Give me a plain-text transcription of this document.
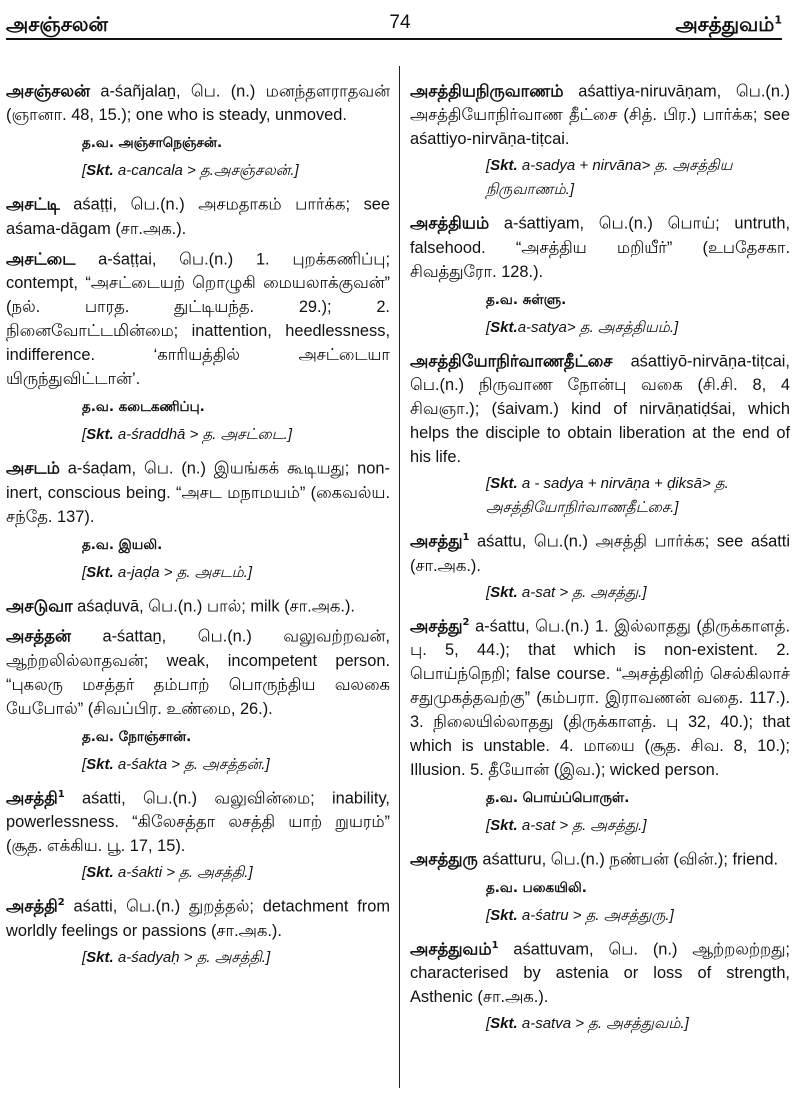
அசஞ்சலன்	74	அசத்துவம்$^1$
அசஞ்சலன் a-śañjalaṉ, பெ. (n.) மனந்தளராதவன் (ஞானா. 48, 15.); one who is steady, unmoved.
த.வ. அஞ்சாநெஞ்சன்.
[Skt. a-cancala > த.அசஞ்சலன்.]
அசட்டி aśaṭṭi, பெ.(n.) அசமதாகம் பார்க்க; see aśama-dāgam (சா.அக.).
அசட்டை a-śaṭṭai, பெ.(n.) 1. புறக்கணிப்பு; contempt, “அசட்டையற் றொழுகி மையலாக்குவன்” (நல். பாரத. துட்டியந்த. 29.); 2. நினைவோட்டமின்மை; inattention, heedlessness, indifference. ‘காரியத்தில் அசட்டையா யிருந்துவிட்டான்’.
த.வ. கடைகணிப்பு.
[Skt. a-śraddhā > த. அசட்டை.]
அசடம் a-śaḍam, பெ. (n.) இயங்கக் கூடியது; non-inert, conscious being. “அசட மநாமயம்” (கைவல்ய. சந்தே. 137).
த.வ. இயலி.
[Skt. a-jaḍa > த. அசடம்.]
அசடுவா aśaḍuvā, பெ.(n.) பால்; milk (சா.அக.).
அசத்தன் a-śattaṉ, பெ.(n.) வலுவற்றவன், ஆற்றலில்லாதவன்; weak, incompetent person. “புகலரு மசத்தர் தம்பாற் பொருந்திய வலகை யேபோல்” (சிவப்பிர. உண்மை, 26.).
த.வ. நோஞ்சான்.
[Skt. a-śakta > த. அசத்தன்.]
அசத்தி$^1$ aśatti, பெ.(n.) வலுவின்மை; inability, powerlessness. “கிலேசத்தா லசத்தி யாற் றுயரம்” (சூத. எக்கிய. பூ. 17, 15).
[Skt. a-śakti > த. அசத்தி.]
அசத்தி$^2$ aśatti, பெ.(n.) துறத்தல்; detachment from worldly feelings or passions (சா.அக.).
[Skt. a-śadyaḥ > த. அசத்தி.]
அசத்தியநிருவாணம் aśattiya-niruvāṇam, பெ.(n.) அசத்தியோநிர்வாண தீட்சை (சித். பிர.) பார்க்க; see aśattiyo-nirvāṇa-tiṭcai.
[Skt. a-sadya + nirvāna> த. அசத்திய நிருவாணம்.]
அசத்தியம் a-śattiyam, பெ.(n.) பொய்; untruth, falsehood. “அசத்திய மறியீர்” (உபதேசகா. சிவத்துரோ. 128.).
த.வ. சுள்ளு.
[Skt.a-satya> த. அசத்தியம்.]
அசத்தியோநிர்வாணதீட்சை aśattiyō-nirvāṇa-tiṭcai, பெ.(n.) நிருவாண நோன்பு வகை (சி.சி. 8, 4 சிவஞா.); (śaivam.) kind of nirvāṇatiḍśai, which helps the disciple to obtain liberation at the end of his life.
[Skt. a - sadya + nirvāṇa + ḍiksā> த. அசத்தியோநிர்வாணதீட்சை.]
அசத்து$^1$ aśattu, பெ.(n.) அசத்தி பார்க்க; see aśatti (சா.அக.).
[Skt. a-sat > த. அசத்து.]
அசத்து$^2$ a-śattu, பெ.(n.) 1. இல்லாதது (திருக்காளத். பு. 5, 44.); that which is non-existent. 2. பொய்ந்நெறி; false course. “அசத்தினிற் செல்கிலாச் சதுமுகத்தவற்கு” (கம்பரா. இராவணன் வதை. 117.). 3. நிலையில்லாதது (திருக்காளத். பு 32, 40.); that which is unstable. 4. மாயை (சூத. சிவ. 8, 10.); Illusion. 5. தீயோன் (இவ.); wicked person.
த.வ. பொய்ப்பொருள்.
[Skt. a-sat > த. அசத்து.]
அசத்துரு aśatturu, பெ.(n.) நண்பன் (வின்.); friend.
த.வ. பகையிலி.
[Skt. a-śatru > த. அசத்துரு.]
அசத்துவம்$^1$ aśattuvam, பெ. (n.) ஆற்றலற்றது; characterised by astenia or loss of strength, Asthenic (சா.அக.).
[Skt. a-satva > த. அசத்துவம்.]
